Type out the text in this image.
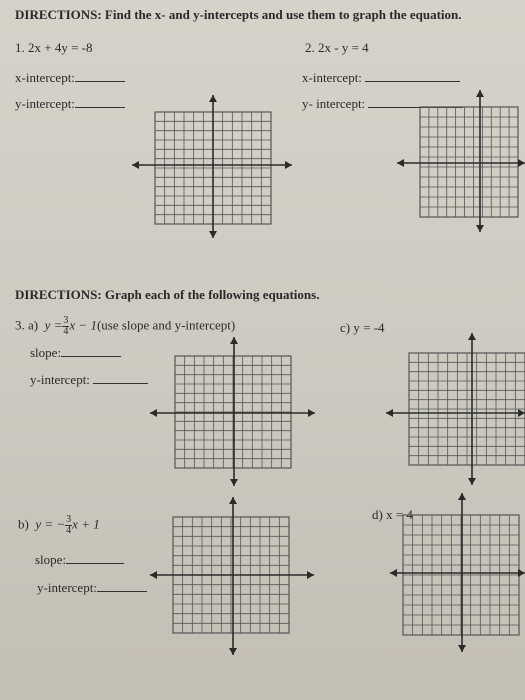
DIRECTIONS: Find the x- and y-intercepts and use them to graph the equation.
1. 2x + 4y = -8
x-intercept:
y-intercept:
2. 2x - y = 4
x-intercept:
y- intercept:
DIRECTIONS: Graph each of the following equations.
3. a) $y = \frac{3}{4}$ x − 1(use slope and y-intercept)
slope:
y-intercept:
b) y = − $\frac{3}{4}$ x + 1
slope:
y-intercept:
c) y = -4
d) x = 4
